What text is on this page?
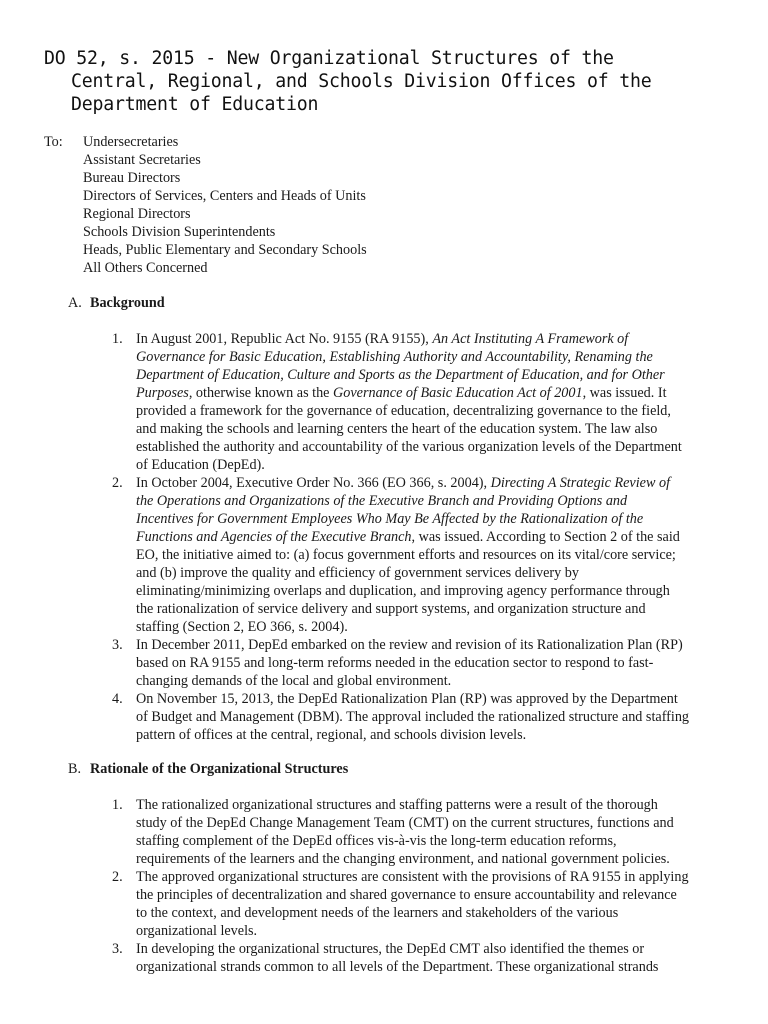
DO 52, s. 2015 - New Organizational Structures of the
Central, Regional, and Schools Division Offices of the
Department of Education
To: Undersecretaries
Assistant Secretaries
Bureau Directors
Directors of Services, Centers and Heads of Units
Regional Directors
Schools Division Superintendents
Heads, Public Elementary and Secondary Schools
All Others Concerned
A. Background
1. In August 2001, Republic Act No. 9155 (RA 9155), An Act Instituting A Framework of
Governance for Basic Education, Establishing Authority and Accountability, Renaming the
Department of Education, Culture and Sports as the Department of Education, and for Other
Purposes, otherwise known as the Governance of Basic Education Act of 2001, was issued. It
provided a framework for the governance of education, decentralizing governance to the field,
and making the schools and learning centers the heart of the education system. The law also
established the authority and accountability of the various organization levels of the Department
of Education (DepEd).
2. In October 2004, Executive Order No. 366 (EO 366, s. 2004), Directing A Strategic Review of
the Operations and Organizations of the Executive Branch and Providing Options and
Incentives for Government Employees Who May Be Affected by the Rationalization of the
Functions and Agencies of the Executive Branch, was issued. According to Section 2 of the said
EO, the initiative aimed to: (a) focus government efforts and resources on its vital/core service;
and (b) improve the quality and efficiency of government services delivery by
eliminating/minimizing overlaps and duplication, and improving agency performance through
the rationalization of service delivery and support systems, and organization structure and
staffing (Section 2, EO 366, s. 2004).
3. In December 2011, DepEd embarked on the review and revision of its Rationalization Plan (RP)
based on RA 9155 and long-term reforms needed in the education sector to respond to fast-
changing demands of the local and global environment.
4. On November 15, 2013, the DepEd Rationalization Plan (RP) was approved by the Department
of Budget and Management (DBM). The approval included the rationalized structure and staffing
pattern of offices at the central, regional, and schools division levels.
B. Rationale of the Organizational Structures
1. The rationalized organizational structures and staffing patterns were a result of the thorough
study of the DepEd Change Management Team (CMT) on the current structures, functions and
staffing complement of the DepEd offices vis-à-vis the long-term education reforms,
requirements of the learners and the changing environment, and national government policies.
2. The approved organizational structures are consistent with the provisions of RA 9155 in applying
the principles of decentralization and shared governance to ensure accountability and relevance
to the context, and development needs of the learners and stakeholders of the various
organizational levels.
3. In developing the organizational structures, the DepEd CMT also identified the themes or
organizational strands common to all levels of the Department. These organizational strands
